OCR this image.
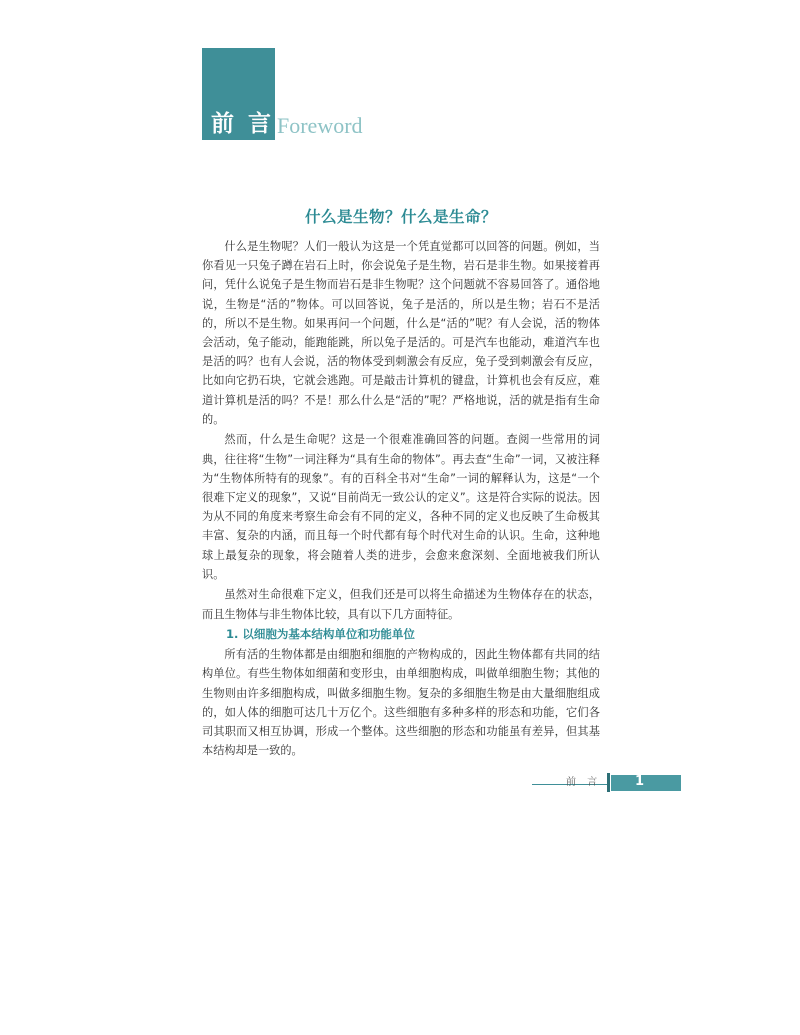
前 言 Foreword
什么是生物？什么是生命？

什么是生物呢？人们一般认为这是一个凭直觉都可以回答的问题。例如，当你看见一只兔子蹲在岩石上时，你会说兔子是生物，岩石是非生物。如果接着再问，凭什么说兔子是生物而岩石是非生物呢？这个问题就不容易回答了。通俗地说，生物是“活的”物体。可以回答说，兔子是活的，所以是生物；岩石不是活的，所以不是生物。如果再问一个问题，什么是“活的”呢？有人会说，活的物体会活动，兔子能动，能跑能跳，所以兔子是活的。可是汽车也能动，难道汽车也是活的吗？也有人会说，活的物体受到刺激会有反应，兔子受到刺激会有反应，比如向它扔石块，它就会逃跑。可是敲击计算机的键盘，计算机也会有反应，难道计算机是活的吗？不是！那么什么是“活的”呢？严格地说，活的就是指有生命的。

然而，什么是生命呢？这是一个很难准确回答的问题。查阅一些常用的词典，往往将“生物”一词注释为“具有生命的物体”。再去查“生命”一词，又被注释为“生物体所特有的现象”。有的百科全书对“生命”一词的解释认为，这是“一个很难下定义的现象”，又说“目前尚无一致公认的定义”。这是符合实际的说法。因为从不同的角度来考察生命会有不同的定义，各种不同的定义也反映了生命极其丰富、复杂的内涵，而且每一个时代都有每个时代对生命的认识。生命，这种地球上最复杂的现象，将会随着人类的进步，会愈来愈深刻、全面地被我们所认识。

虽然对生命很难下定义，但我们还是可以将生命描述为生物体存在的状态，而且生物体与非生物体比较，具有以下几方面特征。

1. 以细胞为基本结构单位和功能单位

所有活的生物体都是由细胞和细胞的产物构成的，因此生物体都有共同的结构单位。有些生物体如细菌和变形虫，由单细胞构成，叫做单细胞生物；其他的生物则由许多细胞构成，叫做多细胞生物。复杂的多细胞生物是由大量细胞组成的，如人体的细胞可达几十万亿个。这些细胞有多种多样的形态和功能，它们各司其职而又相互协调，形成一个整体。这些细胞的形态和功能虽有差异，但其基本结构却是一致的。

前 言	1
